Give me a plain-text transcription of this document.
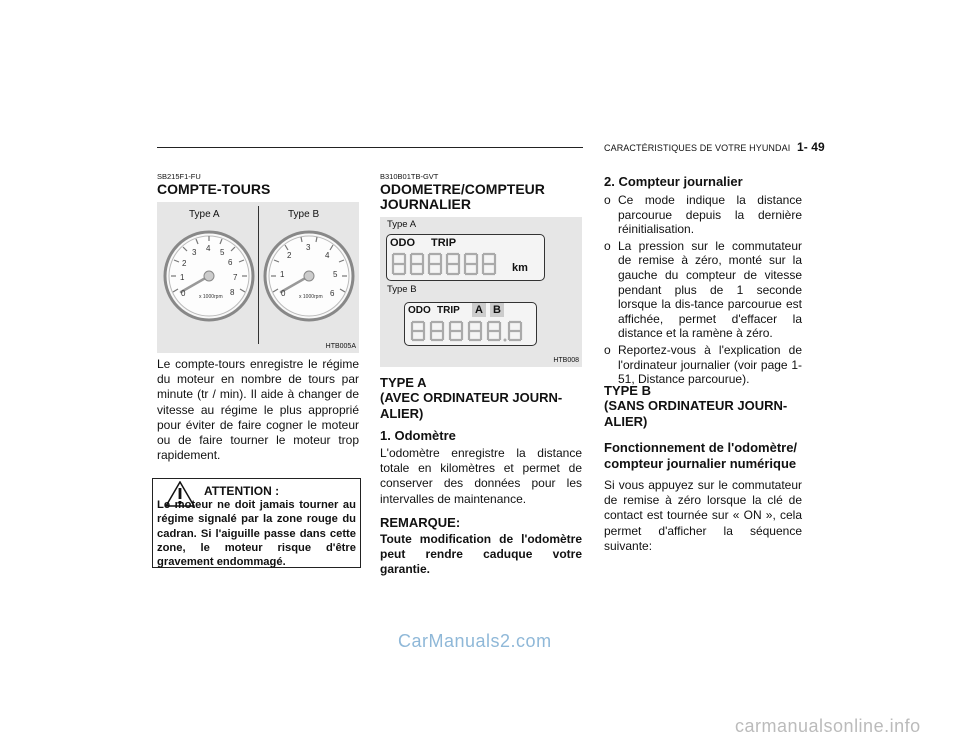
CARACTÉRISTIQUES DE VOTRE HYUNDAI 1- 49
SB215F1-FU
COMPTE-TOURS
Type A	Type B
0
1
2
3 4 5
6
7
8
x 1000rpm	0
1
2
3
4
5
6
x 1000rpm
HTB005A
Le compte-tours enregistre le régime du moteur en nombre de tours par minute (tr / min). Il aide à changer de vitesse au régime le plus approprié pour éviter de faire cogner le moteur ou de faire tourner le moteur trop rapidement.
ATTENTION :
Le moteur ne doit jamais tourner au régime signalé par la zone rouge du cadran. Si l'aiguille passe dans cette zone, le moteur risque d'être gravement endommagé.
B310B01TB-GVT
ODOMETRE/COMPTEUR
JOURNALIER
Type A
ODO TRIP
km
Type B
ODO TRIP A B
HTB008
TYPE A
(AVEC ORDINATEUR JOURN-ALIER)
1. Odomètre
L'odomètre enregistre la distance totale en kilomètres et permet de conserver des données pour les intervalles de maintenance.
REMARQUE:
Toute modification de l'odomètre peut rendre caduque votre garantie.
2. Compteur journalier
o Ce mode indique la distance parcourue depuis la dernière réinitialisation.
o La pression sur le commutateur de remise à zéro, monté sur la gauche du compteur de vitesse pendant plus de 1 seconde lorsque la dis-tance parcourue est affichée, permet d'effacer la distance et la ramène à zéro.
o Reportez-vous à l'explication de l'ordinateur journalier (voir page 1-51, Distance parcourue).
TYPE B
(SANS ORDINATEUR JOURN-ALIER)
Fonctionnement de l'odomètre/ compteur journalier numérique
Si vous appuyez sur le commutateur de remise à zéro lorsque la clé de contact est tournée sur « ON », cela permet d'afficher la séquence suivante:
CarManuals2.com
carmanualsonline.info
